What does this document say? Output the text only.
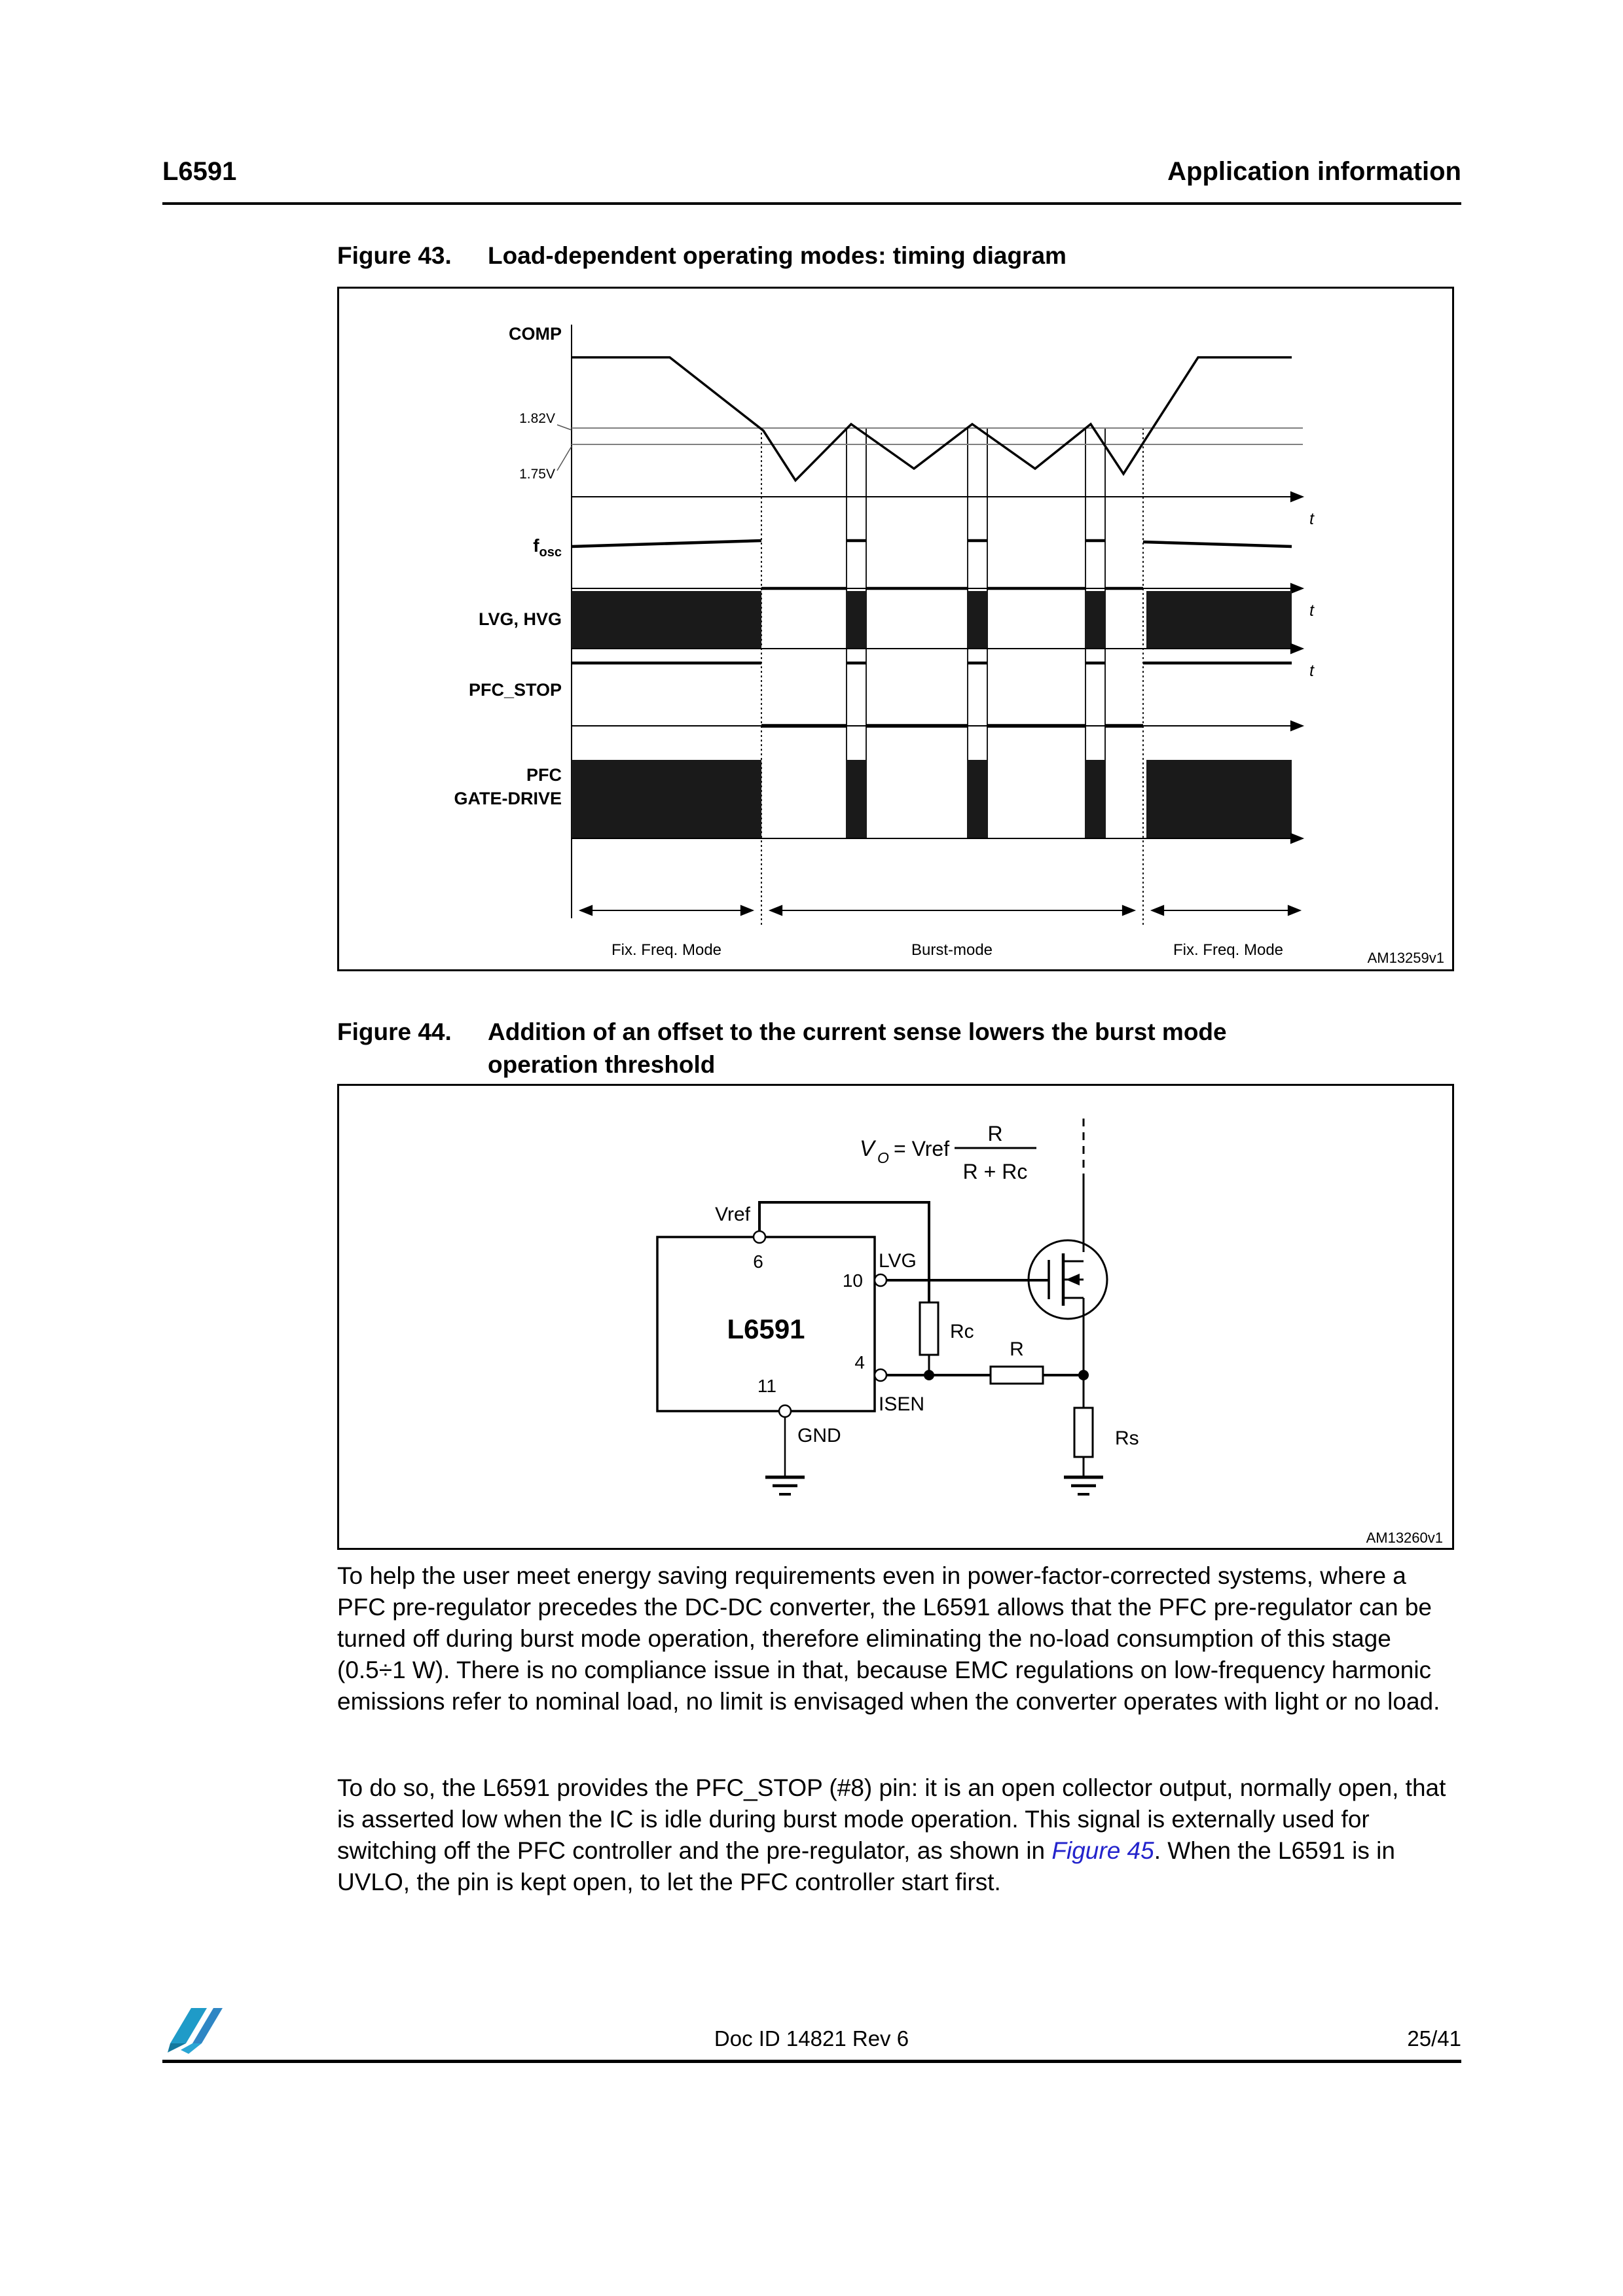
L6591	Application information
Figure 43. Load-dependent operating modes: timing diagram
COMP
1.82V
1.75V
t
fosc
t
LVG, HVG
t
PFC_STOP
PFC
GATE-DRIVE
Fix. Freq. Mode	Burst-mode	Fix. Freq. Mode	AM13259v1
Figure 44. Addition of an offset to the current sense lowers the burst mode
operation threshold
V O = Vref
R
R + Rc
L6591
Vref
6
10
LVG
Rc
4
R
ISEN
11
GND	Rs
AM13260v1
To help the user meet energy saving requirements even in power-factor-corrected systems, where a PFC pre-regulator precedes the DC-DC converter, the L6591 allows that the PFC pre-regulator can be turned off during burst mode operation, therefore eliminating the no-load consumption of this stage (0.5÷1 W). There is no compliance issue in that, because EMC regulations on low-frequency harmonic emissions refer to nominal load, no limit is envisaged when the converter operates with light or no load.
To do so, the L6591 provides the PFC_STOP (#8) pin: it is an open collector output, normally open, that is asserted low when the IC is idle during burst mode operation. This signal is externally used for switching off the PFC controller and the pre-regulator, as shown in Figure 45. When the L6591 is in UVLO, the pin is kept open, to let the PFC controller start first.
Doc ID 14821 Rev 6	25/41
